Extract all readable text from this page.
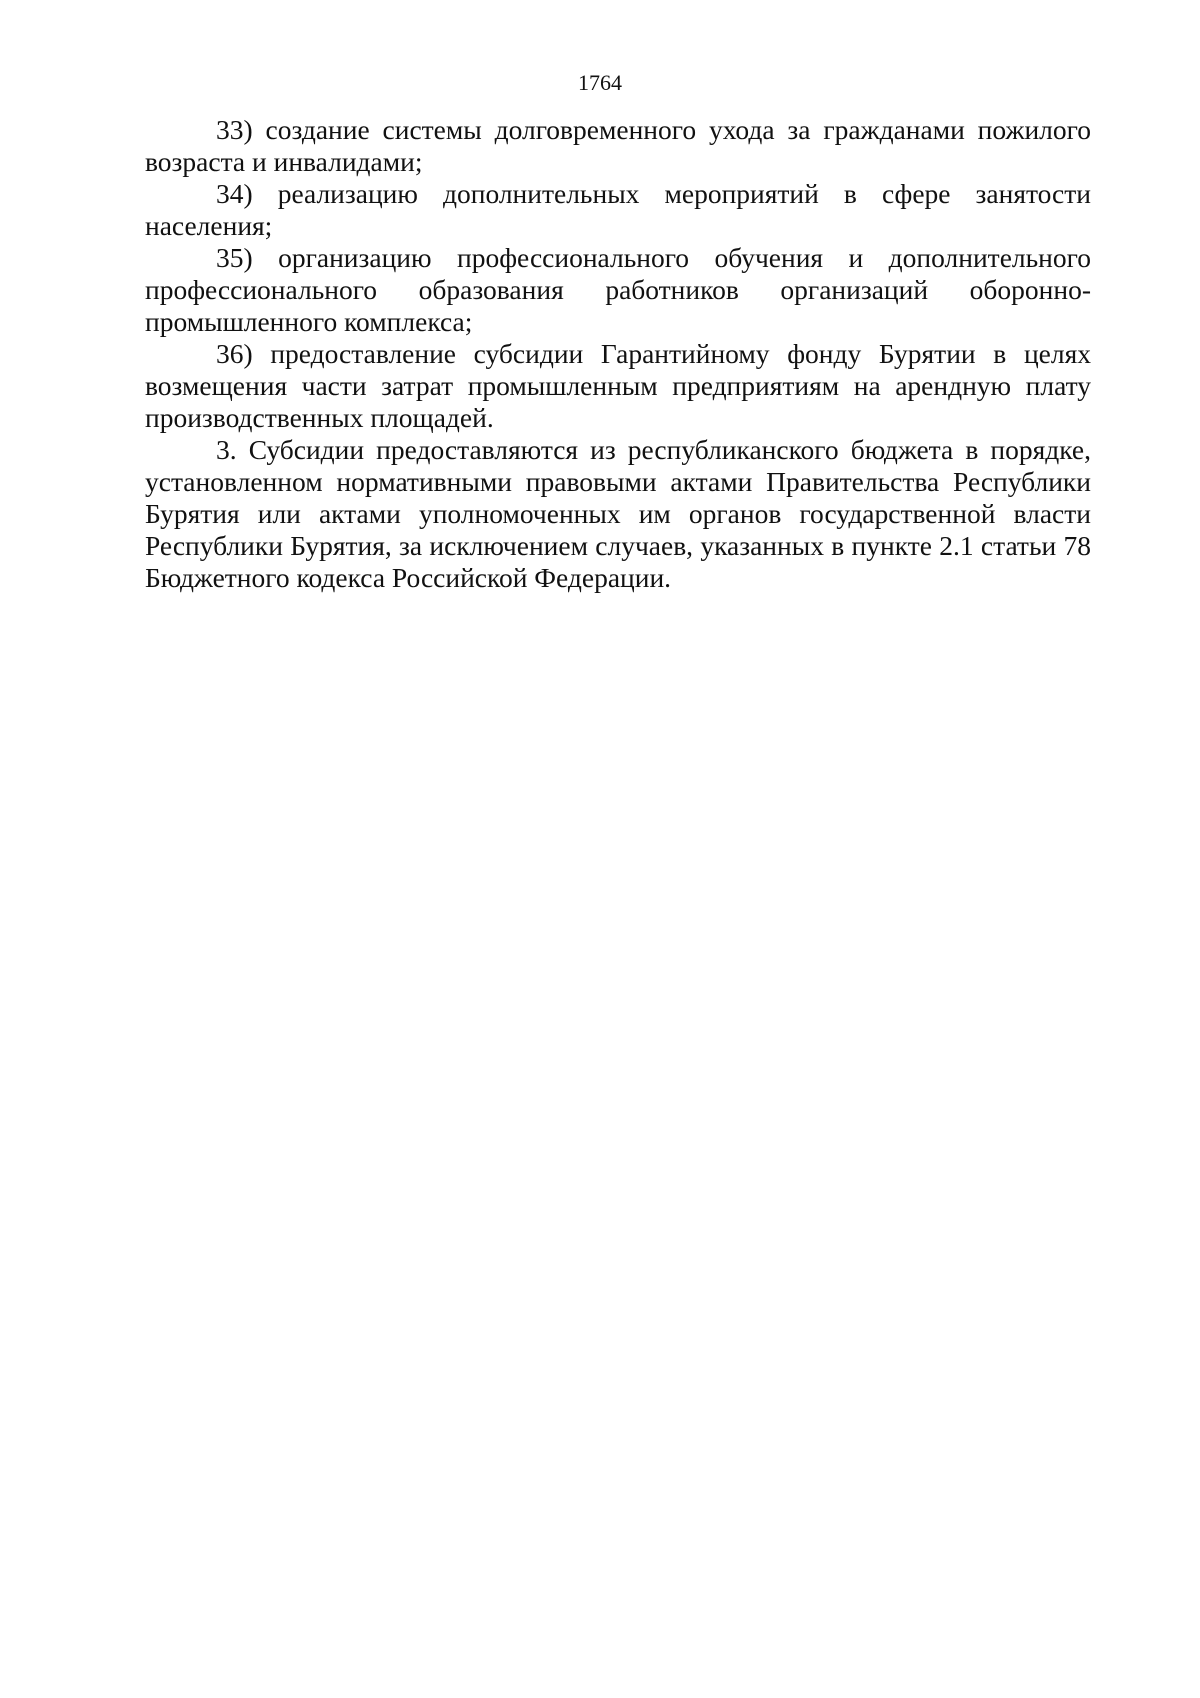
1764

33) создание системы долговременного ухода за гражданами пожилого возраста и инвалидами;

34) реализацию дополнительных мероприятий в сфере занятости населения;

35) организацию профессионального обучения и дополнительного профессионального образования работников организаций оборонно-промышленного комплекса;

36) предоставление субсидии Гарантийному фонду Бурятии в целях возмещения части затрат промышленным предприятиям на арендную плату производственных площадей.

3. Субсидии предоставляются из республиканского бюджета в порядке, установленном нормативными правовыми актами Правительства Республики Бурятия или актами уполномоченных им органов государственной власти Республики Бурятия, за исключением случаев, указанных в пункте 2.1 статьи 78 Бюджетного кодекса Российской Федерации.
